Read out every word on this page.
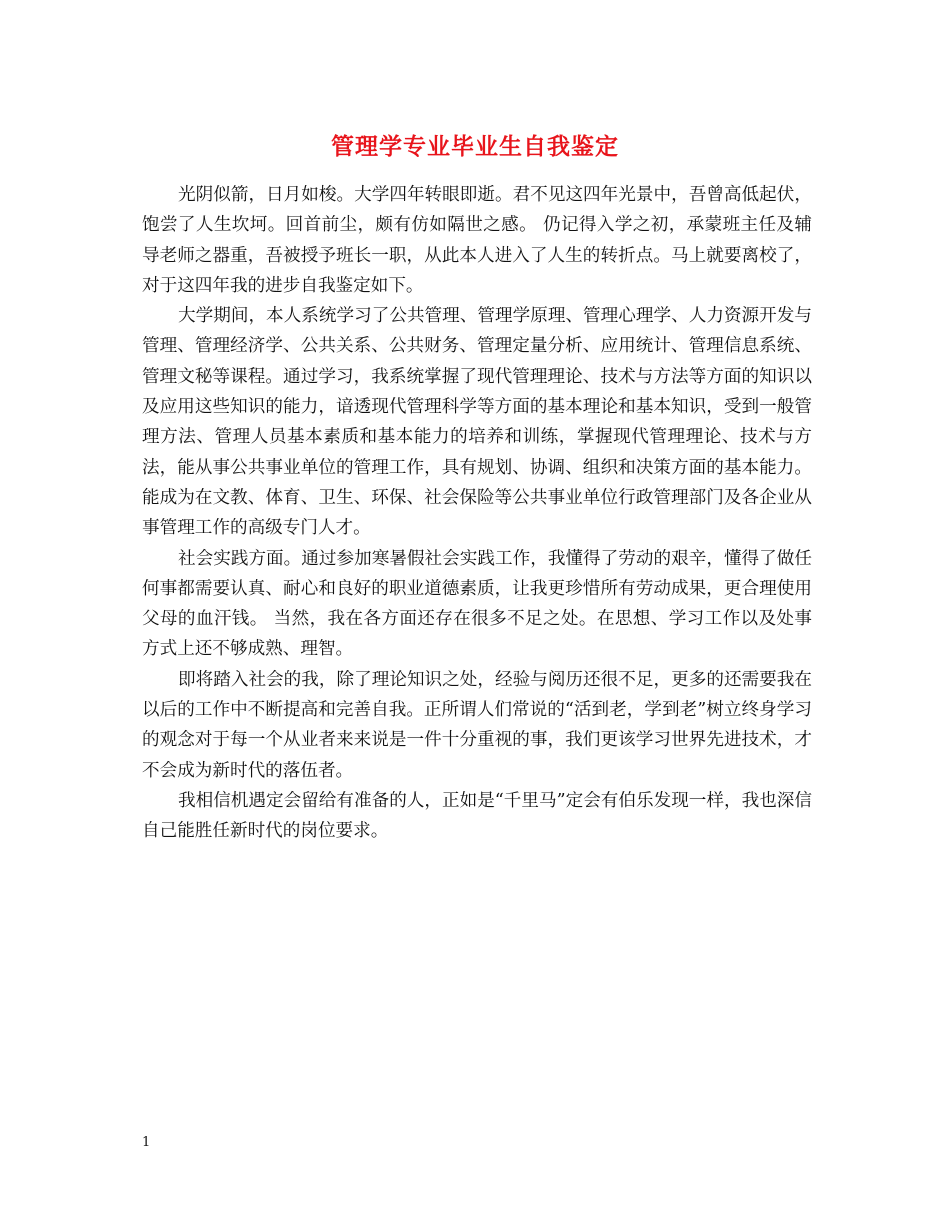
管理学专业毕业生自我鉴定

光阴似箭，日月如梭。大学四年转眼即逝。君不见这四年光景中，吾曾高低起伏，饱尝了人生坎坷。回首前尘，颇有仿如隔世之感。 仍记得入学之初，承蒙班主任及辅导老师之器重，吾被授予班长一职，从此本人进入了人生的转折点。马上就要离校了，对于这四年我的进步自我鉴定如下。

大学期间，本人系统学习了公共管理、管理学原理、管理心理学、人力资源开发与管理、管理经济学、公共关系、公共财务、管理定量分析、应用统计、管理信息系统、管理文秘等课程。通过学习，我系统掌握了现代管理理论、技术与方法等方面的知识以及应用这些知识的能力，谙透现代管理科学等方面的基本理论和基本知识，受到一般管理方法、管理人员基本素质和基本能力的培养和训练，掌握现代管理理论、技术与方法，能从事公共事业单位的管理工作，具有规划、协调、组织和决策方面的基本能力。能成为在文教、体育、卫生、环保、社会保险等公共事业单位行政管理部门及各企业从事管理工作的高级专门人才。

社会实践方面。通过参加寒暑假社会实践工作，我懂得了劳动的艰辛，懂得了做任何事都需要认真、耐心和良好的职业道德素质，让我更珍惜所有劳动成果，更合理使用父母的血汗钱。 当然，我在各方面还存在很多不足之处。在思想、学习工作以及处事方式上还不够成熟、理智。

即将踏入社会的我，除了理论知识之处，经验与阅历还很不足，更多的还需要我在以后的工作中不断提高和完善自我。正所谓人们常说的“活到老，学到老”树立终身学习的观念对于每一个从业者来来说是一件十分重视的事，我们更该学习世界先进技术，才不会成为新时代的落伍者。

我相信机遇定会留给有准备的人，正如是“千里马”定会有伯乐发现一样，我也深信自己能胜任新时代的岗位要求。

1
